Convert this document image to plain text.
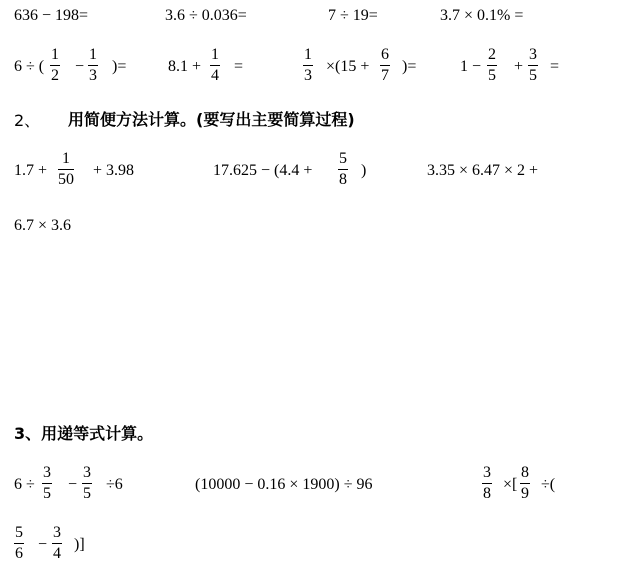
636 − 198=	3.6 ÷ 0.036=	7 ÷ 19=	3.7 × 0.1% =
6 ÷ ( $\frac{1}{2} - \frac{1}{3}$ )=	$8.1 + \frac{1}{4}$ =	$\frac{1}{3} \times(15 + \frac{6}{7}$ )=	$1 - \frac{2}{5} + \frac{3}{5}$ =
2、 用简便方法计算。(要写出主要简算过程)
$1.7 + \frac{1}{50} + 3.98$	$17.625 - (4.4 + \frac{5}{8}$ )	3.35 × 6.47 × 2 +
6.7 × 3.6
3、用递等式计算。
$6 \div \frac{3}{5} - \frac{3}{5} \div 6$	(10000 − 0.16 × 1900) ÷ 96	$\frac{3}{8}$ ×[ $\frac{8}{9}$ ÷(
$\frac{5}{6} - \frac{3}{4}$ )]
